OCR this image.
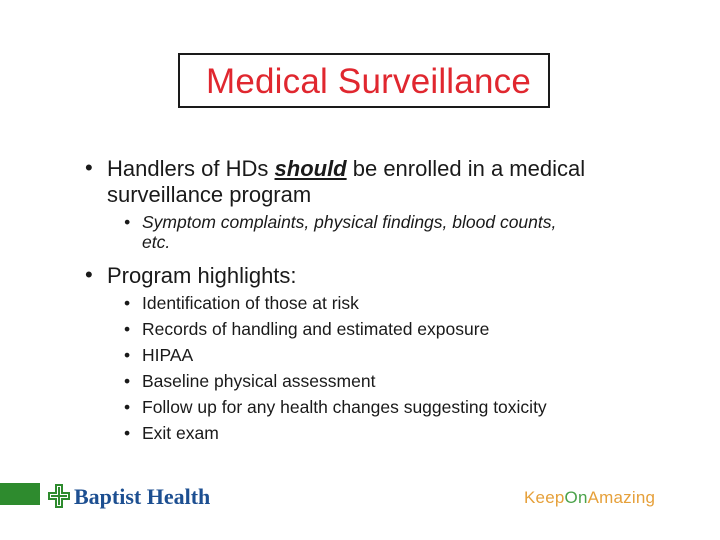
Medical Surveillance
• Handlers of HDs should be enrolled in a medical
surveillance program
• Symptom complaints, physical findings, blood counts,
etc.
• Program highlights:
• Identification of those at risk
• Records of handling and estimated exposure
• HIPAA
• Baseline physical assessment
• Follow up for any health changes suggesting toxicity
• Exit exam
Baptist Health	KeepOnAmazing
